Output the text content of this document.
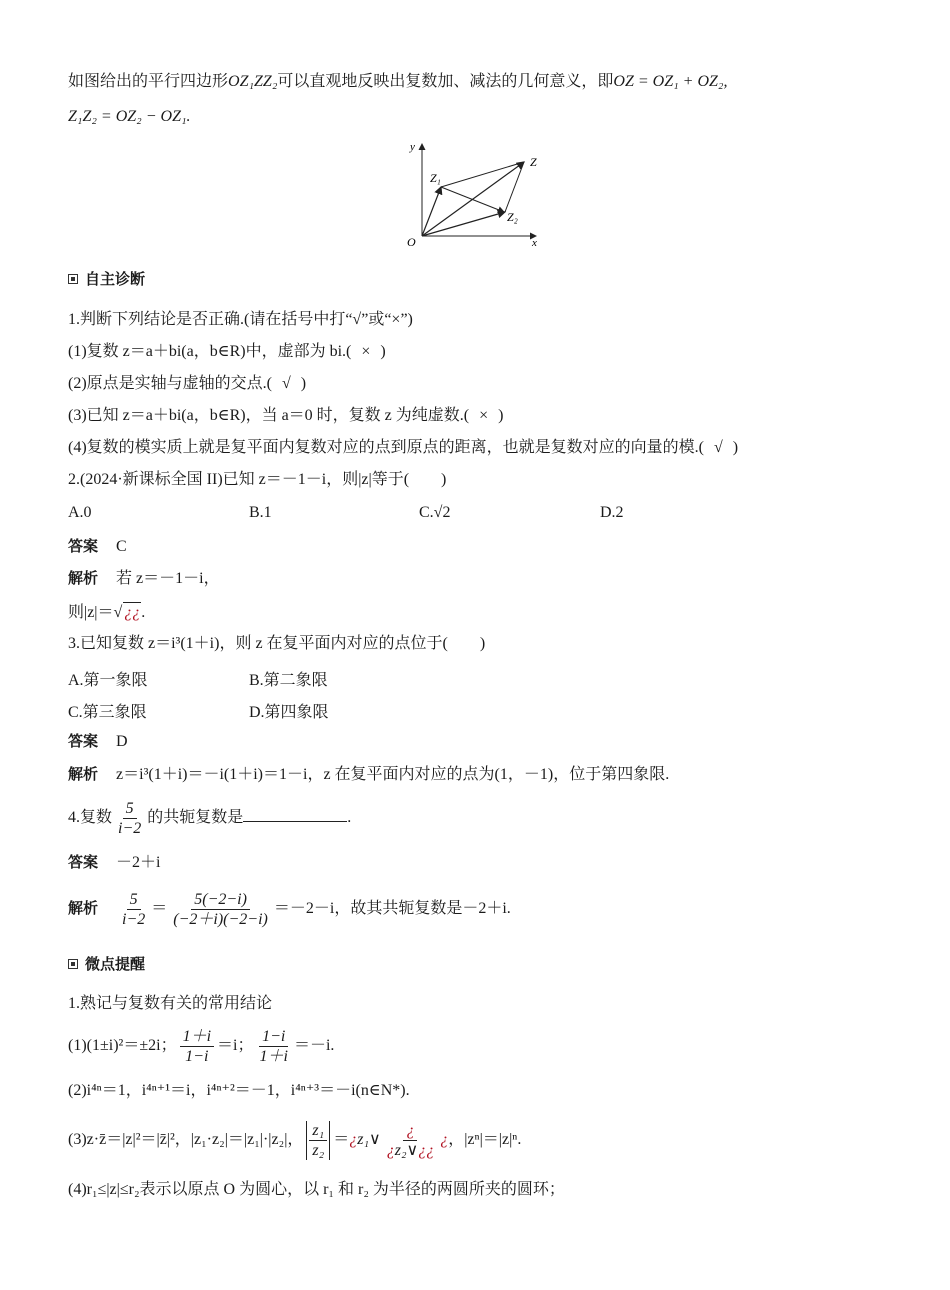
如图给出的平行四边形OZ₁ZZ₂可以直观地反映出复数加、减法的几何意义，即OZ = OZ₁ + OZ₂,
Z₁Z₂ = OZ₂ − OZ₁.
y
x
O
Z₁
Z
Z₂
自主诊断
1.判断下列结论是否正确.(请在括号中打“√”或“×”)
(1)复数 z＝a＋bi(a，b∈R)中，虚部为 bi.( × )
(2)原点是实轴与虚轴的交点.( √ )
(3)已知 z＝a＋bi(a，b∈R)，当 a＝0 时，复数 z 为纯虚数.( × )
(4)复数的模实质上就是复平面内复数对应的点到原点的距离，也就是复数对应的向量的模.( √ )
2.(2024·新课标全国 II)已知 z＝－1－i，则|z|等于(　　)
A.0	B.1	C.√2	D.2
答案 C
解析 若 z＝－1－i，
则|z|＝√ ¿¿.
3.已知复数 z＝i³(1＋i)，则 z 在复平面内对应的点位于(　　)
A.第一象限	B.第二象限
C.第三象限	D.第四象限
答案 D
解析 z＝i³(1＋i)＝－i(1＋i)＝1－i，z 在复平面内对应的点为(1，－1)，位于第四象限.
4.复数 $\frac{5}{i-2}$ 的共轭复数是	.
答案 －2＋i
解析 $\frac{5}{i-2} = \frac{5(-2-i)}{(-2+i)(-2-i)} =-2-i$，故其共轭复数是－2＋i.
微点提醒
1.熟记与复数有关的常用结论
(1)(1±i)²＝±2i； $\frac{1+i}{1-i} =i$； $\frac{1-i}{1+i} =-i$.
(2)i⁴ⁿ＝1，i⁴ⁿ⁺¹＝i，i⁴ⁿ⁺²＝－1，i⁴ⁿ⁺³＝－i(n∈N*).
(3)z·z̄＝|z|²＝|z̄|²，|z₁·z₂|＝|z₁|·|z₂|， $\frac{\text{z₁}}{\text{z₂}}$ ＝¿z₁∨ $\frac{¿}{\text{¿z₂∨¿¿}}$ ¿，|zⁿ|＝|z|ⁿ.
(4)r₁≤|z|≤r₂表示以原点 O 为圆心，以 r₁ 和 r₂ 为半径的两圆所夹的圆环；
